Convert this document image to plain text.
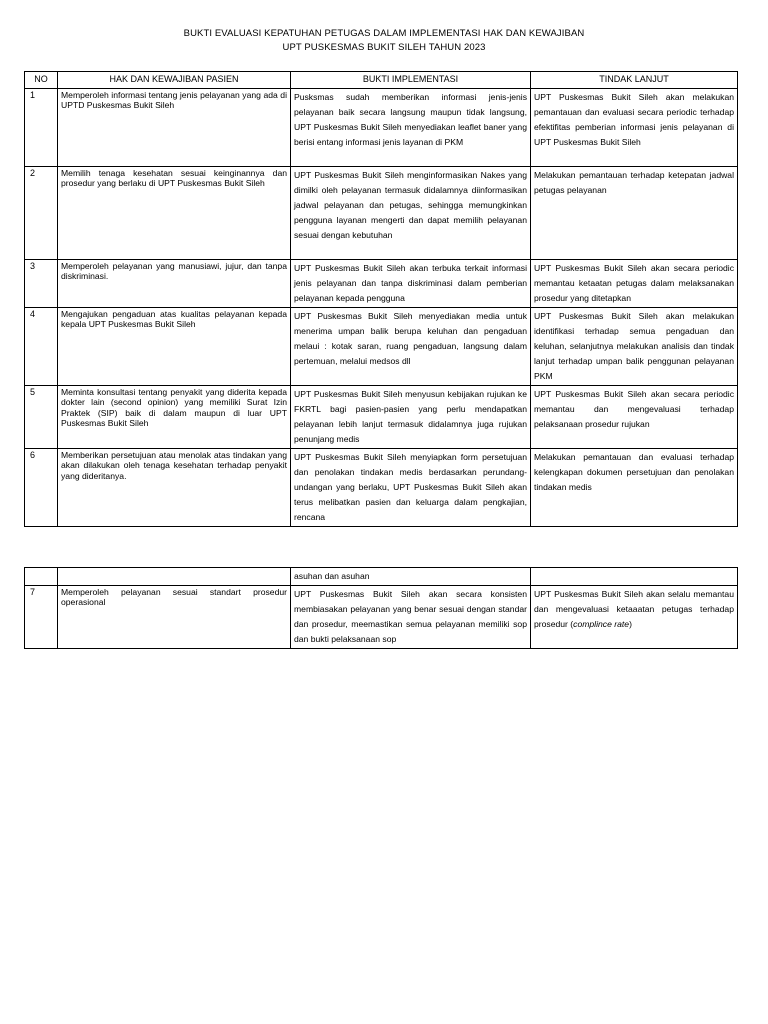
BUKTI EVALUASI KEPATUHAN PETUGAS DALAM IMPLEMENTASI HAK DAN KEWAJIBAN
UPT PUSKESMAS BUKIT SILEH TAHUN 2023
NO	HAK DAN KEWAJIBAN PASIEN	BUKTI IMPLEMENTASI	TINDAK LANJUT
1	Memperoleh informasi tentang jenis pelayanan yang ada di UPTD Puskesmas Bukit Sileh	Pusksmas sudah memberikan informasi jenis-jenis pelayanan baik secara langsung maupun tidak langsung, UPT Puskesmas Bukit Sileh menyediakan leaflet baner yang berisi entang informasi jenis layanan di PKM	UPT Puskesmas Bukit Sileh akan melakukan pemantauan dan evaluasi secara periodic terhadap efektifitas pemberian informasi jenis pelayanan di UPT Puskesmas Bukit Sileh
2	Memilih tenaga kesehatan sesuai keinginannya dan prosedur yang berlaku di UPT Puskesmas Bukit Sileh	UPT Puskesmas Bukit Sileh menginformasikan Nakes yang dimilki oleh pelayanan termasuk didalamnya diinformasikan jadwal pelayanan dan petugas, sehingga memungkinkan pengguna layanan mengerti dan dapat memilih pelayanan sesuai dengan kebutuhan	Melakukan pemantauan terhadap ketepatan jadwal petugas pelayanan
3	Memperoleh pelayanan yang manusiawi, jujur, dan tanpa diskriminasi.	UPT Puskesmas Bukit Sileh akan terbuka terkait informasi jenis pelayanan dan tanpa diskriminasi dalam pemberian pelayanan kepada pengguna	UPT Puskesmas Bukit Sileh akan secara periodic memantau ketaatan petugas dalam melaksanakan prosedur yang ditetapkan
4	Mengajukan pengaduan atas kualitas pelayanan kepada kepala UPT Puskesmas Bukit Sileh	UPT Puskesmas Bukit Sileh menyediakan media untuk menerima umpan balik berupa keluhan dan pengaduan melaui : kotak saran, ruang pengaduan, langsung dalam pertemuan, melalui medsos dll	UPT Puskesmas Bukit Sileh akan melakukan identifikasi terhadap semua pengaduan dan keluhan, selanjutnya melakukan analisis dan tindak lanjut terhadap umpan balik penggunan pelayanan PKM
5	Meminta konsultasi tentang penyakit yang diderita kepada dokter lain (second opinion) yang memiliki Surat Izin Praktek (SIP) baik di dalam maupun di luar UPT Puskesmas Bukit Sileh	UPT Puskesmas Bukit Sileh menyusun kebijakan rujukan ke FKRTL bagi pasien-pasien yang perlu mendapatkan pelayanan lebih lanjut termasuk didalamnya juga rujukan penunjang medis	UPT Puskesmas Bukit Sileh akan secara periodic memantau dan mengevaluasi terhadap pelaksanaan prosedur rujukan
6	Memberikan persetujuan atau menolak atas tindakan yang akan dilakukan oleh tenaga kesehatan terhadap penyakit yang dideritanya.	UPT Puskesmas Bukit Sileh menyiapkan form persetujuan dan penolakan tindakan medis berdasarkan perundang-undangan yang berlaku, UPT Puskesmas Bukit Sileh akan terus melibatkan pasien dan keluarga dalam pengkajian, rencana	Melakukan pemantauan dan evaluasi terhadap kelengkapan dokumen persetujuan dan penolakan tindakan medis
		asuhan dan asuhan	
7	Memperoleh pelayanan sesuai standart prosedur operasional	UPT Puskesmas Bukit Sileh akan secara konsisten membiasakan pelayanan yang benar sesuai dengan standar dan prosedur, meemastikan semua pelayanan memiliki sop dan bukti pelaksanaan sop	UPT Puskesmas Bukit Sileh akan selalu memantau dan mengevaluasi ketaaatan petugas terhadap prosedur (complince rate)
